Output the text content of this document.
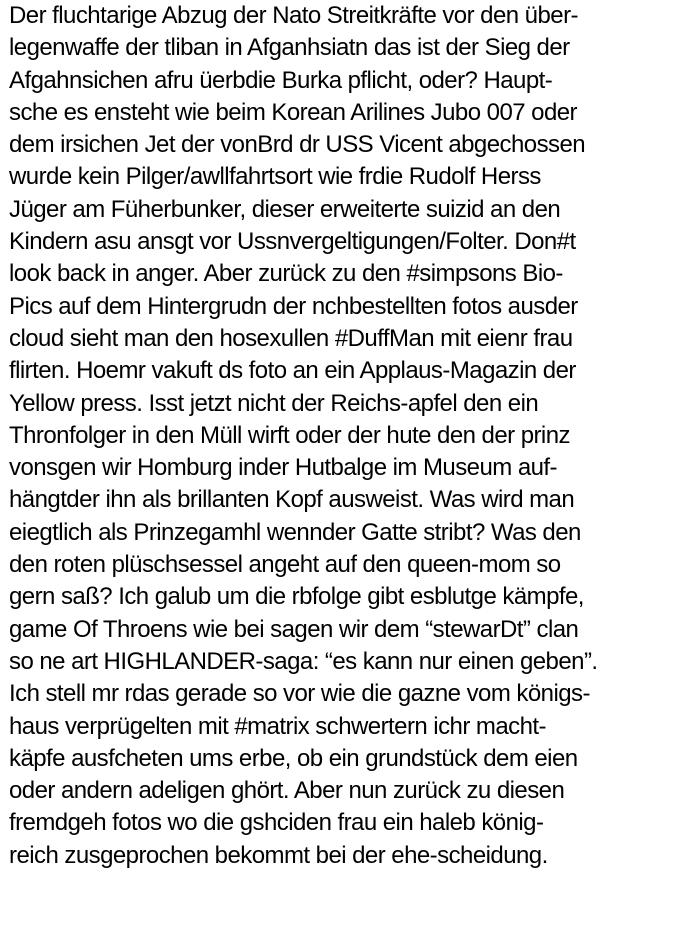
Der fluchtarige Abzug der Nato Streitkräfte vor den über-
legenwaffe der tliban in Afganhsiatn das ist der Sieg der
Afgahnsichen afru üerbdie Burka pflicht, oder? Haupt-
sche es ensteht wie beim Korean Arilines Jubo 007 oder
dem irsichen Jet der vonBrd dr USS Vicent abgechossen
wurde kein Pilger/awllfahrtsort wie frdie Rudolf Herss
Jüger am Füherbunker, dieser erweiterte suizid an den
Kindern asu ansgt vor Ussnvergeltigungen/Folter. Don#t
look back in anger. Aber zurück zu den #simpsons Bio-
Pics auf dem Hintergrudn der nchbestellten fotos ausder
cloud sieht man den hosexullen #DuffMan mit eienr frau
flirten. Hoemr vakuft ds foto an ein Applaus-Magazin der
Yellow press. Isst jetzt nicht der Reichs-apfel den ein
Thronfolger in den Müll wirft oder der hute den der prinz
vonsgen wir Homburg inder Hutbalge im Museum auf-
hängtder ihn als brillanten Kopf ausweist. Was wird man
eiegtlich als Prinzegamhl wennder Gatte stribt? Was den
den roten plüschsessel angeht auf den queen-mom so
gern saß? Ich galub um die rbfolge gibt esblutge kämpfe,
game Of Throens wie bei sagen wir dem “stewarDt” clan
so ne art HIGHLANDER-saga: “es kann nur einen geben”.
Ich stell mr rdas gerade so vor wie die gazne vom königs-
haus verprügelten mit #matrix schwertern ichr macht-
käpfe ausfcheten ums erbe, ob ein grundstück dem eien
oder andern adeligen ghört. Aber nun zurück zu diesen
fremdgeh fotos wo die gshciden frau ein haleb könig-
reich zusgeprochen bekommt bei der ehe-scheidung.
